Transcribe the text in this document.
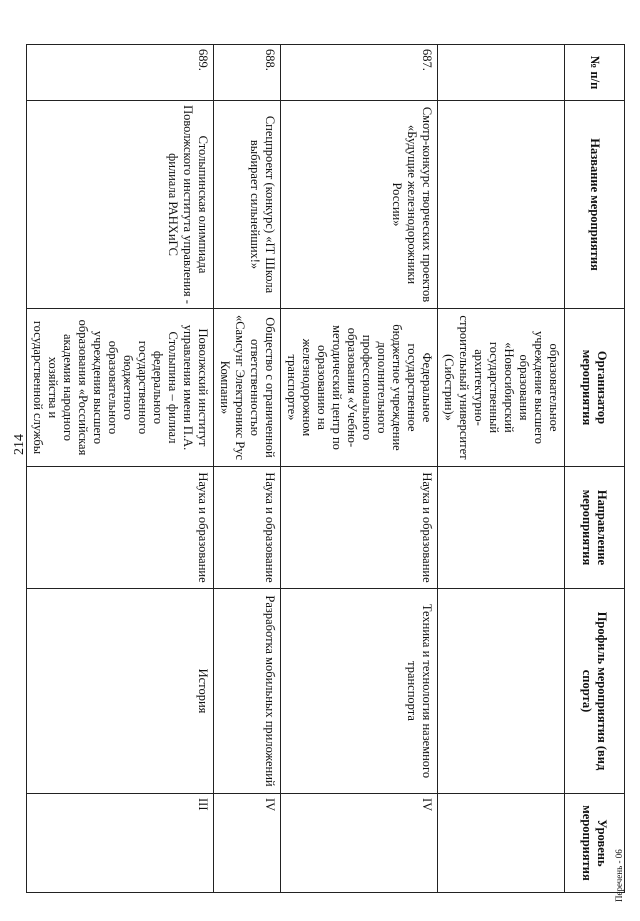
214
№ п/п	Название мероприятия	Организатор мероприятия	Направление мероприятия	Профиль мероприятия (вид спорта)	Уровень мероприятия
		образовательное учреждение высшего образования «Новосибирский государственный архитектурно-строительный университет (Сибстрин)»			
687.	Смотр-конкурс творческих проектов «Будущие железнодорожники России»	Федеральное государственное бюджетное учреждение дополнительного профессионального образования «Учебно-методический центр по образованию на железнодорожном транспорте»	Наука и образование	Техника и технология наземного транспорта	IV
688.	Спецпроект (конкурс) «IT Школа выбирает сильнейших!»	Общество с ограниченной ответственностью «Самсунг Электроникс Рус Компани»	Наука и образование	Разработка мобильных приложений	IV
689.	Столыпинская олимпиада Поволжского института управления - филиала РАНХиГС	Поволжский институт управления имени П.А. Столыпина – филиал федерального государственного бюджетного образовательного учреждения высшего образования «Российская академия народного хозяйства и государственной службы	Наука и образование	История	III
Перечень - 06
